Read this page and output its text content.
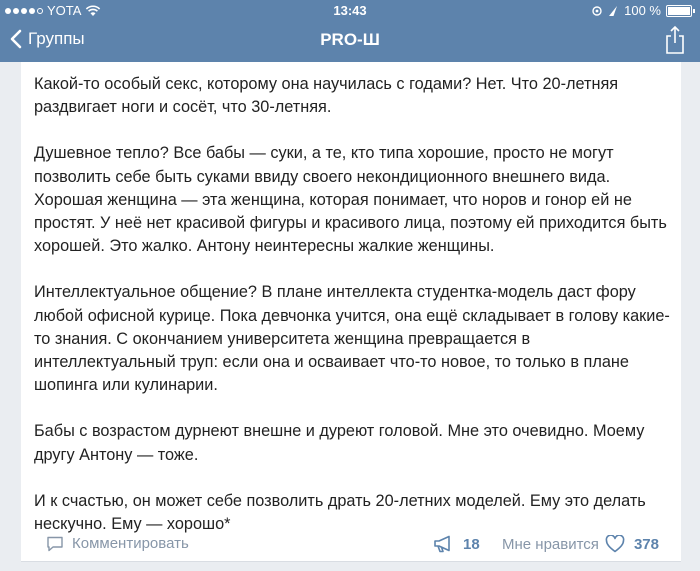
YOTA	13:43	100 %
Группы	PRO-Ш

Какой-то особый секс, которому она научилась с годами? Нет. Что 20-летняя раздвигает ноги и сосёт, что 30-летняя.

Душевное тепло? Все бабы — суки, а те, кто типа хорошие, просто не могут позволить себе быть суками ввиду своего некондиционного внешнего вида. Хорошая женщина — эта женщина, которая понимает, что норов и гонор ей не простят. У неё нет красивой фигуры и красивого лица, поэтому ей приходится быть хорошей. Это жалко. Антону неинтересны жалкие женщины.

Интеллектуальное общение? В плане интеллекта студентка-модель даст фору любой офисной курице. Пока девчонка учится, она ещё складывает в голову какие-то знания. С окончанием университета женщина превращается в интеллектуальный труп: если она и осваивает что-то новое, то только в плане шопинга или кулинарии.

Бабы с возрастом дурнеют внешне и дуреют головой. Мне это очевидно. Моему другу Антону — тоже.

И к счастью, он может себе позволить драть 20-летних моделей. Ему это делать нескучно. Ему — хорошо*

Комментировать	18 Мне нравится 378
